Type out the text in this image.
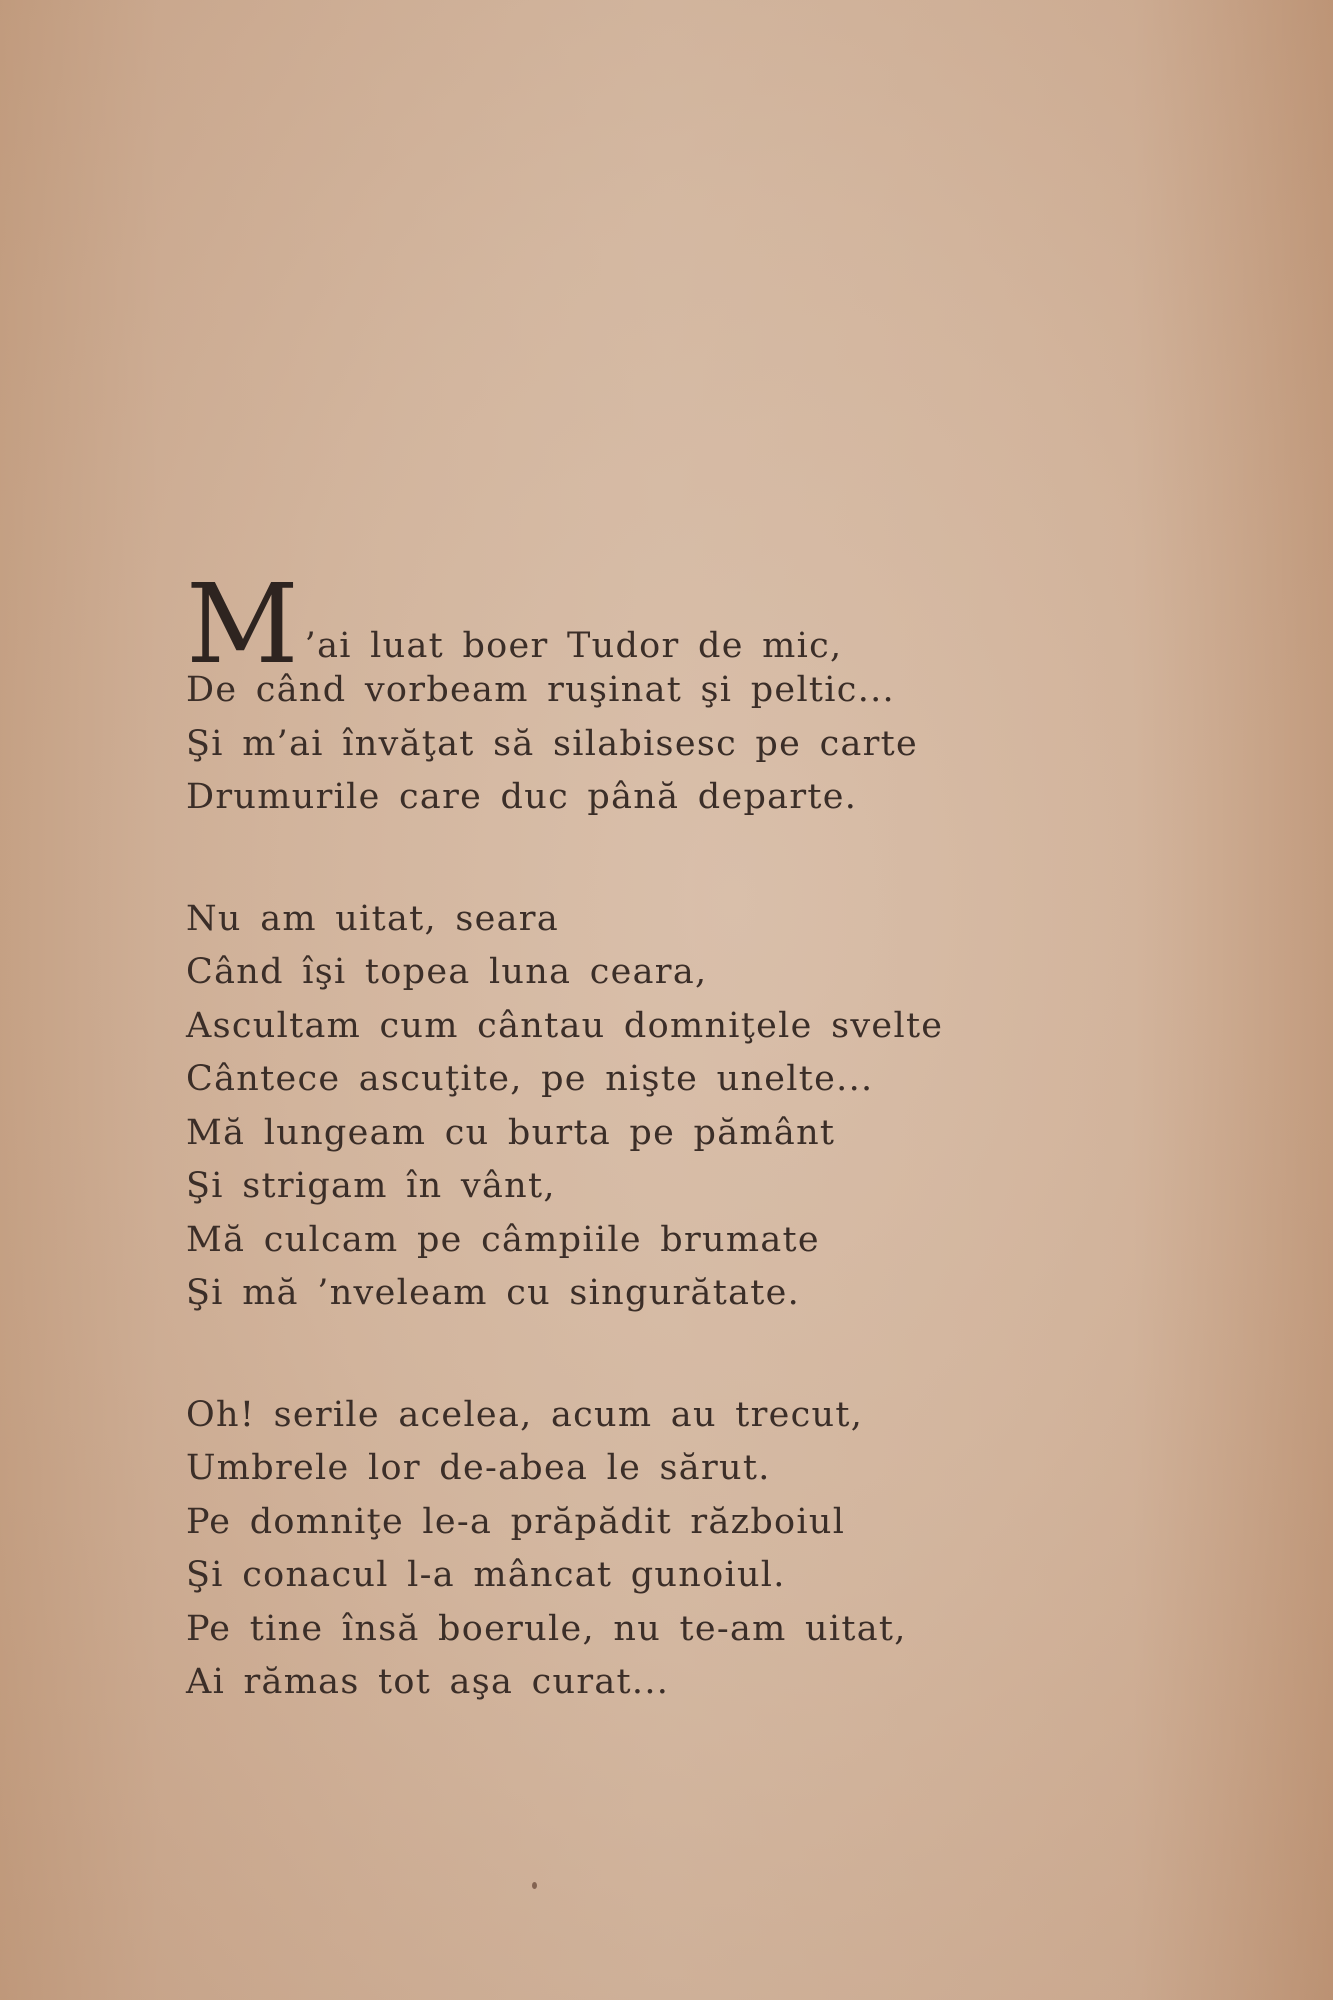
M ’ai luat boer Tudor de mic,
De când vorbeam ruşinat şi peltic...
Şi m’ai învăţat să silabisesc pe carte
Drumurile care duc până departe.
Nu am uitat, seara
Când îşi topea luna ceara,
Ascultam cum cântau domniţele svelte
Cântece ascuţite, pe nişte unelte...
Mă lungeam cu burta pe pământ
Şi strigam în vânt,
Mă culcam pe câmpiile brumate
Şi mă ’nveleam cu singurătate.
Oh! serile acelea, acum au trecut,
Umbrele lor de-abea le sărut.
Pe domniţe le-a prăpădit războiul
Şi conacul l-a mâncat gunoiul.
Pe tine însă boerule, nu te-am uitat,
Ai rămas tot aşa curat...
